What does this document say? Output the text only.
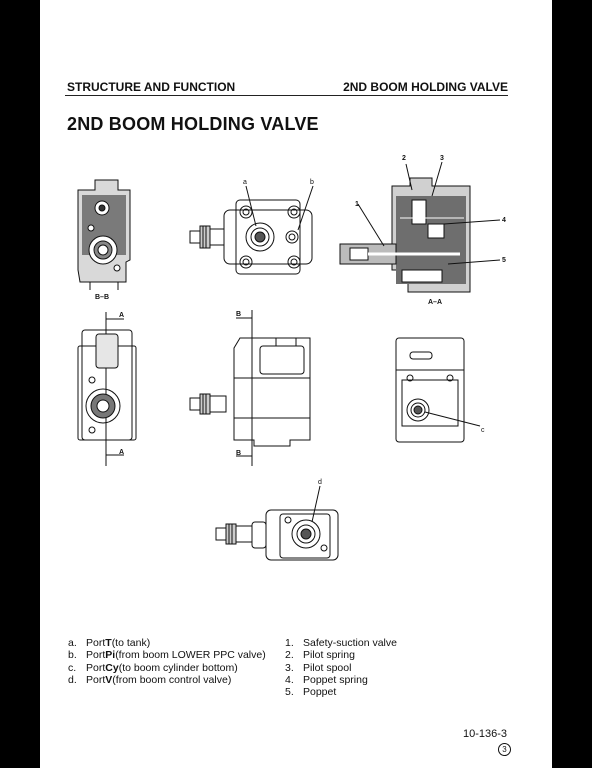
STRUCTURE AND FUNCTION	2ND BOOM HOLDING VALVE
2ND BOOM HOLDING VALVE
B–B
a	b
2	3
1
4
5
A–A
A
A
B
B
c
d
a. Port T (to tank)
b. Port Pi (from boom LOWER PPC valve)
c. Port Cy (to boom cylinder bottom)
d. Port V (from boom control valve)
1. Safety-suction valve
2. Pilot spring
3. Pilot spool
4. Poppet spring
5. Poppet
10-136-3
3
